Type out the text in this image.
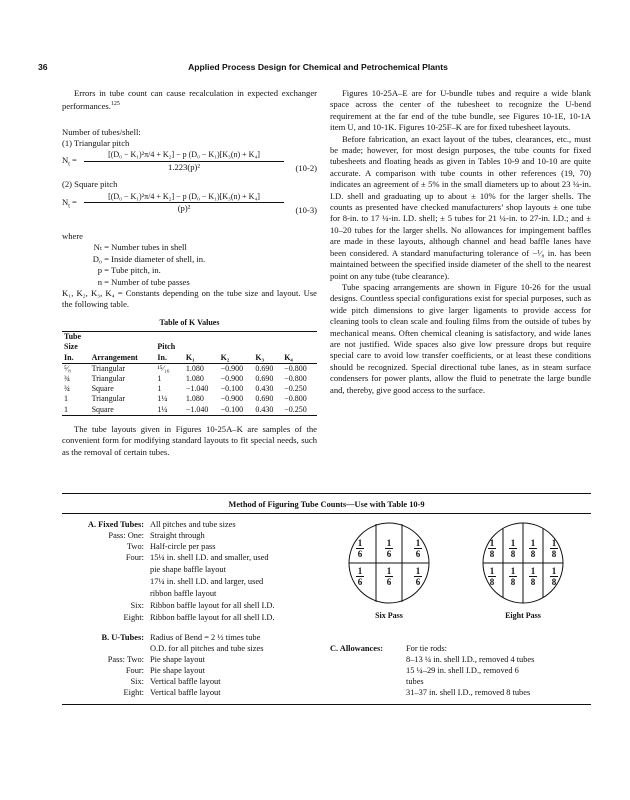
36	Applied Process Design for Chemical and Petrochemical Plants

Errors in tube count can cause recalculation in expected exchanger performances.$^{125}$

Number of tubes/shell:

(1) Triangular pitch

$N_t = \frac{\text{[(D₀ − K₁)²π/4 + K₂] − p (D₀ − K₁)[K₃(n) + K₄]}}{\text{1.223(p)²}} (10-2)$

(2) Square pitch

$N_t = \frac{\text{[(D₀ − K₁)²π/4 + K₂] − p (D₀ − K₁)[K₃(n) + K₄]}}{\text{(p)²}} (10-3)$

where

Nₜ = Number tubes in shell
D₀ = Inside diameter of shell, in.
p = Tube pitch, in.
n = Number of tube passes

K₁, K₂, K₃, K₄ = Constants depending on the tube size and layout. Use the following table.

Table of K Values

Tube						
Size		Pitch				
In.	Arrangement	In.	K₁	K₂	K₃	K₄
⁵⁄₈	Triangular	¹⁵⁄₁₆	1.080	−0.900	0.690	−0.800
¾	Triangular	1	1.080	−0.900	0.690	−0.800
¾	Square	1	−1.040	−0.100	0.430	−0.250
1	Triangular	1¼	1.080	−0.900	0.690	−0.800
1	Square	1¼	−1.040	−0.100	0.430	−0.250

The tube layouts given in Figures 10-25A–K are samples of the convenient form for modifying standard layouts to fit special needs, such as the removal of certain tubes.

Figures 10-25A–E are for U-bundle tubes and require a wide blank space across the center of the tubesheet to recognize the U-bend requirement at the far end of the tube bundle, see Figures 10-1E, 10-1A item U, and 10-1K. Figures 10-25F–K are for fixed tubesheet layouts.

Before fabrication, an exact layout of the tubes, clearances, etc., must be made; however, for most design purposes, the tube counts for fixed tubesheets and floating heads as given in Tables 10-9 and 10-10 are quite accurate. A comparison with tube counts in other references (19, 70) indicates an agreement of ± 5% in the small diameters up to about 23 ¼-in. I.D. shell and graduating up to about ± 10% for the larger shells. The counts as presented have checked manufacturers’ shop layouts ± one tube for 8-in. to 17 ¼-in. I.D. shell; ± 5 tubes for 21 ¼-in. to 27-in. I.D.; and ± 10–20 tubes for the larger shells. No allowances for impingement baffles are made in these layouts, although channel and head baffle lanes have been considered. A standard manufacturing tolerance of −¹⁄₈ in. has been maintained between the specified inside diameter of the shell to the nearest point on any tube (tube clearance).

Tube spacing arrangements are shown in Figure 10-26 for the usual designs. Countless special configurations exist for special purposes, such as wide pitch dimensions to give larger ligaments to provide access for cleaning tools to clean scale and fouling films from the outside of tubes by mechanical means. Often chemical cleaning is satisfactory, and wide lanes are not justified. Wide spaces also give low pressure drops but require special care to avoid low transfer coefficients, or at least these conditions should be recognized. Special directional tube lanes, as in steam surface condensers for power plants, allow the fluid to penetrate the large bundle and, thereby, give good access to the surface.

Method of Figuring Tube Counts—Use with Table 10-9
A. Fixed Tubes: All pitches and tube sizes
Pass: One: Straight through
Two: Half-circle per pass
Four: 15¼ in. shell I.D. and smaller, used
pie shape baffle layout
17¼ in. shell I.D. and larger, used
ribbon baffle layout
Six: Ribbon baffle layout for all shell I.D.
Eight: Ribbon baffle layout for all shell I.D.
1
6
1
6
1
6
1
6
1
6
1
6
Six Pass
1
8
1
8
1
8
1
8
1
8
1
8
1
8
1
8
Eight Pass
B. U-Tubes: Radius of Bend = 2 ½ times tube
O.D. for all pitches and tube sizes
Pass: Two: Pie shape layout
Four: Pie shape layout
Six: Vertical baffle layout
Eight: Vertical baffle layout
C. Allowances:	For tie rods:
8–13 ¼ in. shell I.D., removed 4 tubes
15 ¼–29 in. shell I.D., removed 6
tubes
31–37 in. shell I.D., removed 8 tubes
